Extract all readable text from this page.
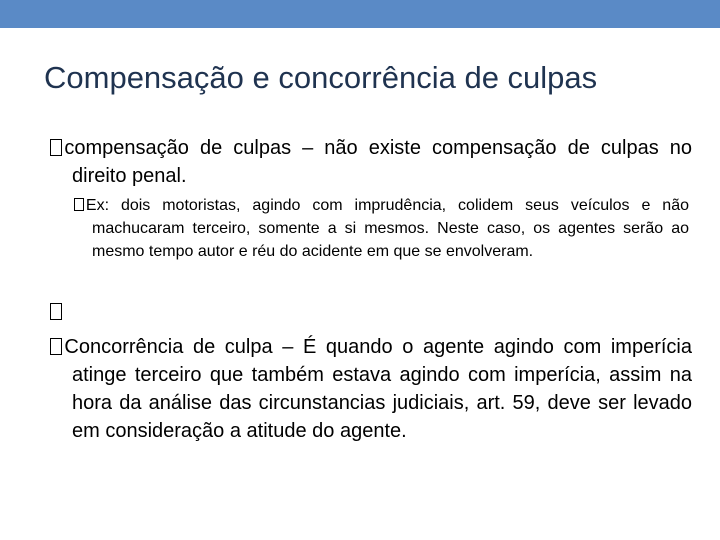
Compensação e concorrência de culpas
compensação de culpas – não existe compensação de culpas no direito penal.
Ex: dois motoristas, agindo com imprudência, colidem seus veículos e não machucaram terceiro, somente a si mesmos. Neste caso, os agentes serão ao mesmo tempo autor e réu do acidente em que se envolveram.
Concorrência de culpa – É quando o agente agindo com imperícia atinge terceiro que também estava agindo com imperícia, assim na hora da análise das circunstancias judiciais, art. 59, deve ser levado em consideração a atitude do agente.
